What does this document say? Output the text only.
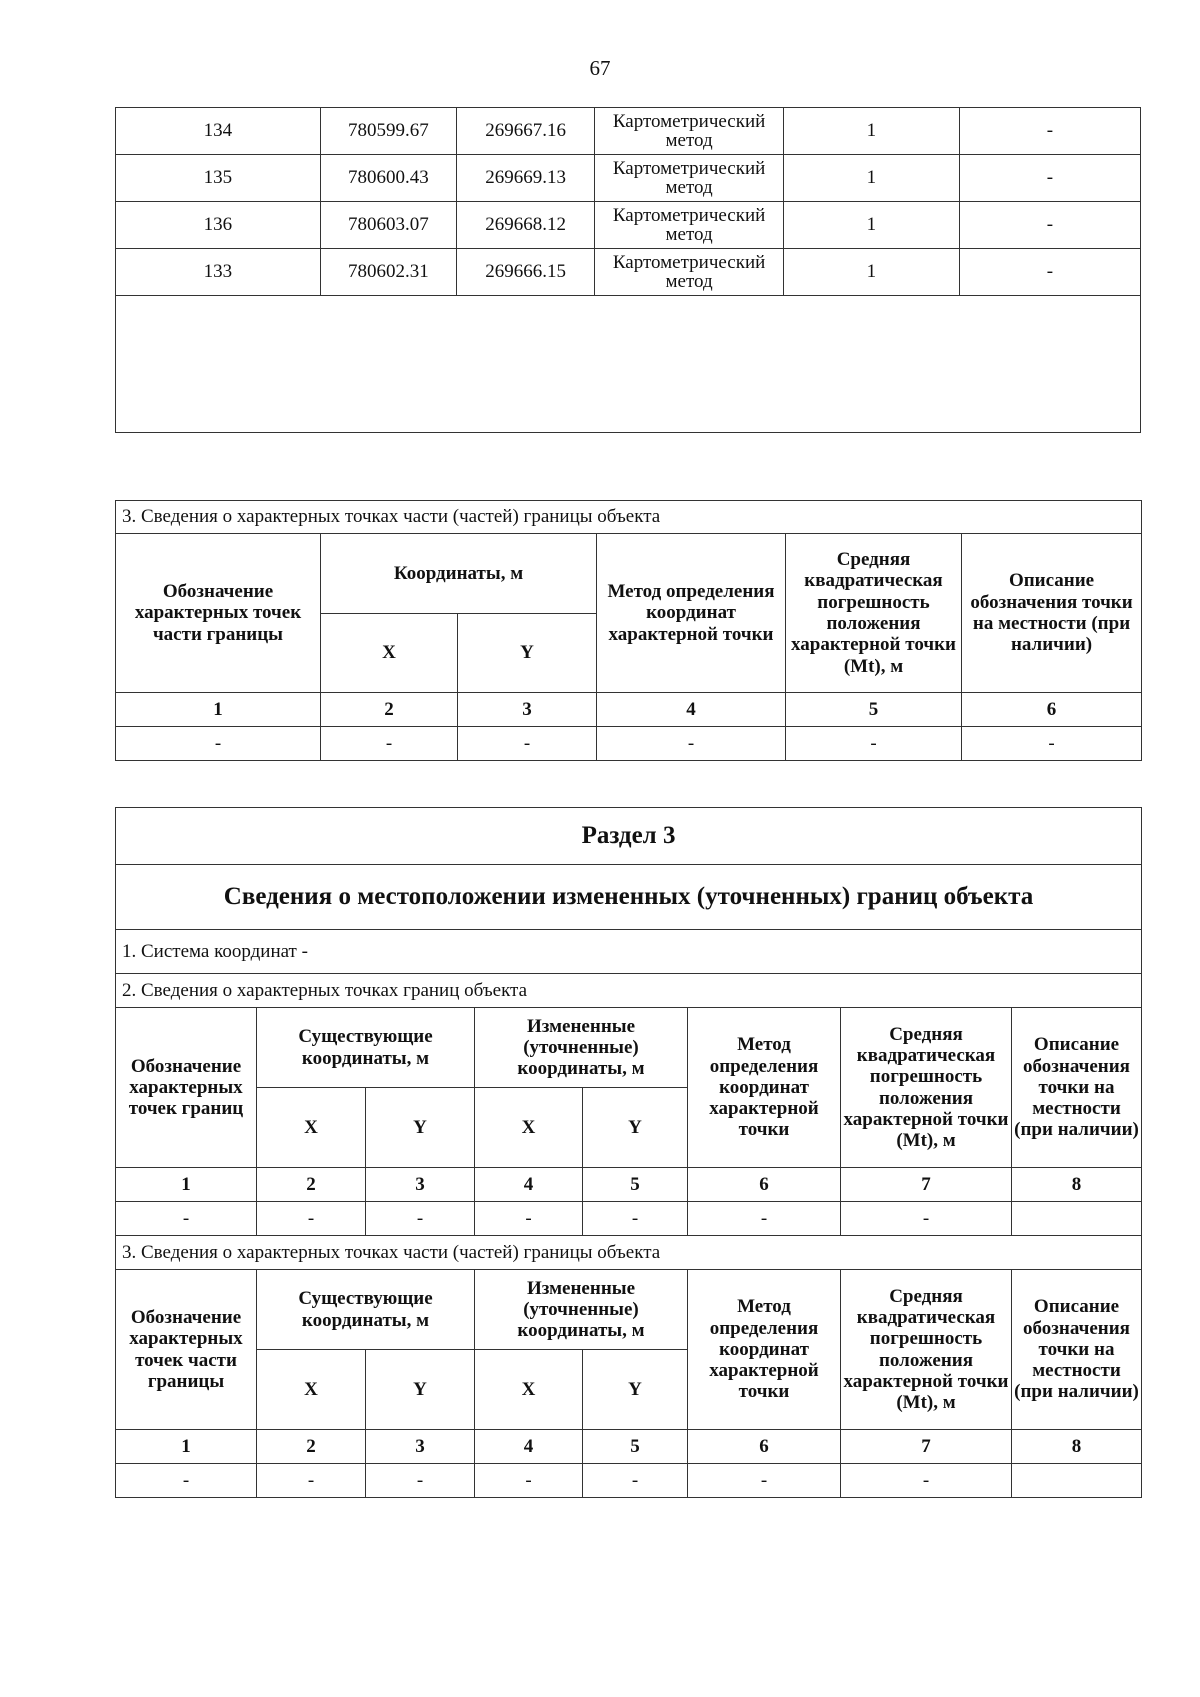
67
134	780599.67	269667.16	Картометрический метод	1	-
135	780600.43	269669.13	Картометрический метод	1	-
136	780603.07	269668.12	Картометрический метод	1	-
133	780602.31	269666.15	Картометрический метод	1	-

3. Сведения о характерных точках части (частей) границы объекта					
Обозначение характерных точек части границы	Координаты, м		Метод определения координат характерной точки	Средняя квадратическая погрешность положения характерной точки (Mt), м	Описание обозначения точки на местности (при наличии)
	X	Y			
1	2	3	4	5	6
-	-	-	-	-	-
Раздел 3							
Сведения о местоположении измененных (уточненных) границ объекта							
1. Система координат -							
2. Сведения о характерных точках границ объекта							
Обозначение характерных точек границ	Существующие координаты, м		Измененные (уточненные) координаты, м		Метод определения координат характерной точки	Средняя квадратическая погрешность положения характерной точки (Mt), м	Описание обозначения точки на местности (при наличии)
	X	Y	X	Y			
1	2	3	4	5	6	7	8
-	-	-	-	-	-	-	
3. Сведения о характерных точках части (частей) границы объекта							
Обозначение характерных точек части границы	Существующие координаты, м		Измененные (уточненные) координаты, м		Метод определения координат характерной точки	Средняя квадратическая погрешность положения характерной точки (Mt), м	Описание обозначения точки на местности (при наличии)
	X	Y	X	Y			
1	2	3	4	5	6	7	8
-	-	-	-	-	-	-	
